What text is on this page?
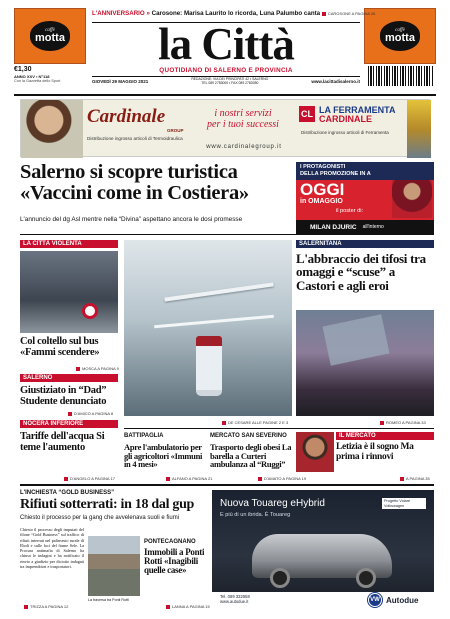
caffè
motta
caffè
motta
L'ANNIVERSARIO » Carosone: Marisa Laurito lo ricorda, Luna Palumbo canta CAROSONE A PAGINA 26
la Città
QUOTIDIANO DI SALERNO E PROVINCIA
€1,30
ANNO XXV • N°118
Con la Gazzetta dello Sport	GIOVEDÌ 29 MAGGIO 2021
REDAZIONE: VIA DEI PRINCIPATI 42 • SALERNO
TEL 089 2783000 • FAX 089 2783050	www.lacittadisalerno.it
Cardinale
GROUP
Distribuzione ingrosso articoli di Termoidraulica
i nostri servizi
per i tuoi successi
www.cardinalegroup.it
CL LA FERRAMENTA
CARDINALE
Distribuzione ingrosso articoli di Ferramenta
Salerno si scopre turistica
«Vaccini come in Costiera»
L'annuncio del dg Asl mentre nella “Divina” aspettano ancora le dosi promesse
I PROTAGONISTI
DELLA PROMOZIONE IN A
OGGI
in OMAGGIO
il poster di:
MILAN DJURIC all'interno
LA CITTÀ VIOLENTA
Col coltello sul bus «Fammi scendere»
MOSCA A PAGINA 9
SALERNO
Giustiziato in “Dad” Studente denunciato
D'AMICO A PAGINA 8
NOCERA INFERIORE
Tariffe dell'acqua Si teme l'aumento
D'ANGELO A PAGINA 17
DE CESARE ALLE PAGINE 2 E 3
SALERNITANA
L'abbraccio dei tifosi tra omaggi e “scuse” a Castori e agli eroi
ROMEO A PAGINA 33
BATTIPAGLIA
Apre l'ambulatorio per gli agricoltori «Immuni in 4 mesi»
ALFANO A PAGINA 21
MERCATO SAN SEVERINO
Trasporto degli obesi La barella a Curteri ambulanza al “Ruggi”
D'AMATO A PAGINA 19
IL MERCATO
Letizia è il sogno Ma prima i rinnovi
A PAGINA 35
L'INCHIESTA “GOLD BUSINESS”
Rifiuti sotterrati: in 18 dal gup
Chiesto il processo per la gang che avvelenava suoli e fiumi
Chiesto il processo degli imputati del filone “Gold Business” sul traffico di rifiuti interrati nel palinsesto rurale di Eboli e sulle foci del fiume Sele. La Procura antimafia di Salerno ha chiuso le indagini e ha notificato il rinvio a giudizio per diciotto indagati tra imprenditori e trasportatori.
TRIZZA A PAGINA 12
La traversa tra Ponti Rotti
PONTECAGNANO
Immobili a Ponti Rotti «Inagibili quelle case»
LANNA A PAGINA 15
Nuova Touareg eHybrid
E più di un ibrida. È Touareg
Progetto Volare
Volkswagen
Tel. 089 332558
www.autodue.it	VW Autodue
